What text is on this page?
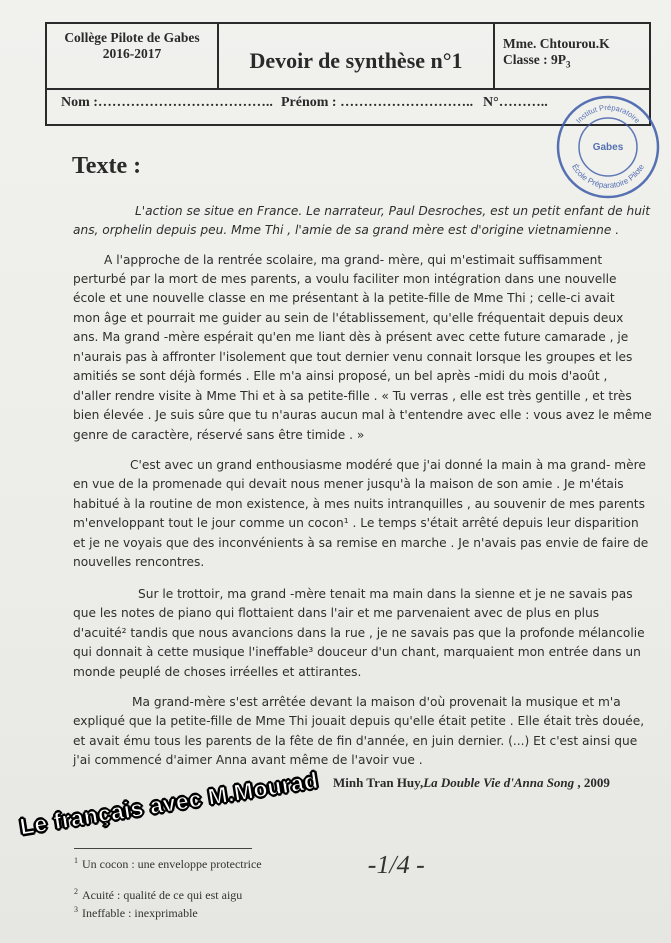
Collège Pilote de Gabes
2016-2017	Devoir de synthèse n°1
Mme. Chtourou.K
Classe : $9P_3$
Nom :……………………………….. Prénom : ……………………….. N°………..
Institut Préparatoire
Gabes
École Préparatoire Pilote
Texte :
L'action se situe en France. Le narrateur, Paul Desroches, est un petit enfant de huit
ans, orphelin depuis peu. Mme Thi , l'amie de sa grand mère est d'origine vietnamienne .
A l'approche de la rentrée scolaire, ma grand- mère, qui m'estimait suffisamment
perturbé par la mort de mes parents, a voulu faciliter mon intégration dans une nouvelle
école et une nouvelle classe en me présentant à la petite-fille de Mme Thi ; celle-ci avait
mon âge et pourrait me guider au sein de l'établissement, qu'elle fréquentait depuis deux
ans. Ma grand -mère espérait qu'en me liant dès à présent avec cette future camarade , je
n'aurais pas à affronter l'isolement que tout dernier venu connait lorsque les groupes et les
amitiés se sont déjà formés . Elle m'a ainsi proposé, un bel après -midi du mois d'août ,
d'aller rendre visite à Mme Thi et à sa petite-fille . « Tu verras , elle est très gentille , et très
bien élevée . Je suis sûre que tu n'auras aucun mal à t'entendre avec elle : vous avez le même
genre de caractère, réservé sans être timide . »
C'est avec un grand enthousiasme modéré que j'ai donné la main à ma grand- mère
en vue de la promenade qui devait nous mener jusqu'à la maison de son amie . Je m'étais
habitué à la routine de mon existence, à mes nuits intranquilles , au souvenir de mes parents
m'enveloppant tout le jour comme un cocon¹ . Le temps s'était arrêté depuis leur disparition
et je ne voyais que des inconvénients à sa remise en marche . Je n'avais pas envie de faire de
nouvelles rencontres.
Sur le trottoir, ma grand -mère tenait ma main dans la sienne et je ne savais pas
que les notes de piano qui flottaient dans l'air et me parvenaient avec de plus en plus
d'acuité² tandis que nous avancions dans la rue , je ne savais pas que la profonde mélancolie
qui donnait à cette musique l'ineffable³ douceur d'un chant, marquaient mon entrée dans un
monde peuplé de choses irréelles et attirantes.
Ma grand-mère s'est arrêtée devant la maison d'où provenait la musique et m'a
expliqué que la petite-fille de Mme Thi jouait depuis qu'elle était petite . Elle était très douée,
et avait ému tous les parents de la fête de fin d'année, en juin dernier. (...) Et c'est ainsi que
j'ai commencé d'aimer Anna avant même de l'avoir vue .
Minh Tran Huy,La Double Vie d'Anna Song , 2009
Le français avec M.Mourad
$^1$ Un cocon : une enveloppe protectrice
$^2$ Acuité : qualité de ce qui est aigu
$^3$ Ineffable : inexprimable
-1/4 -
